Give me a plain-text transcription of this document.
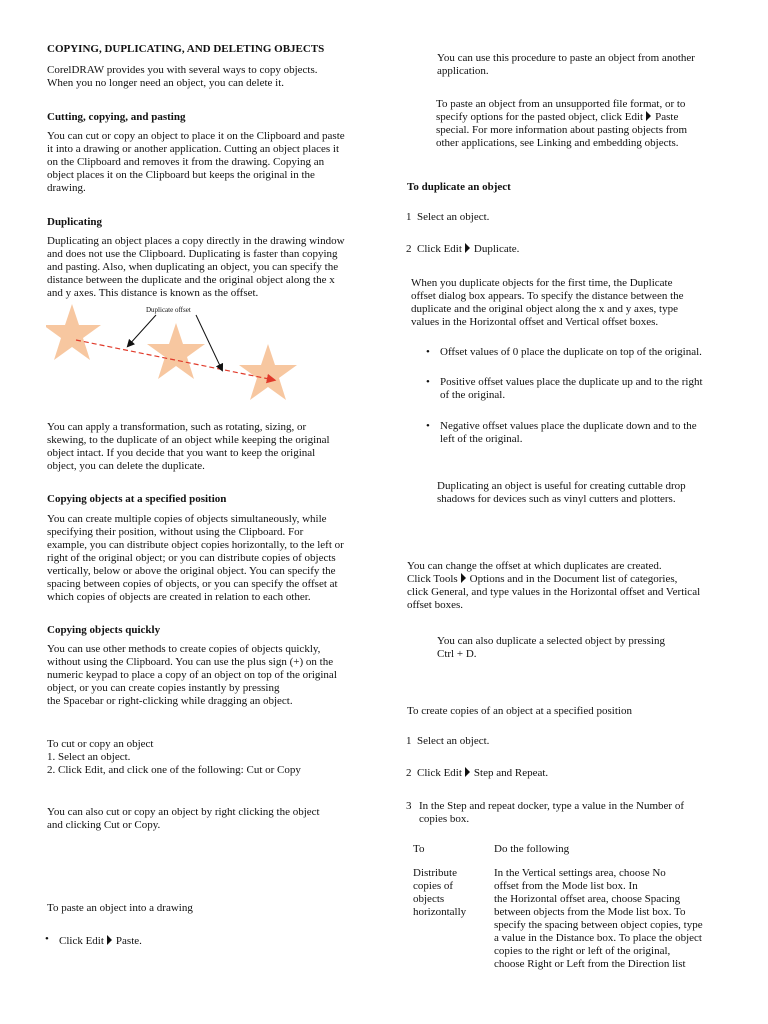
COPYING, DUPLICATING, AND DELETING OBJECTS
CorelDRAW provides you with several ways to copy objects.
When you no longer need an object, you can delete it.
Cutting, copying, and pasting
You can cut or copy an object to place it on the Clipboard and paste
it into a drawing or another application. Cutting an object places it
on the Clipboard and removes it from the drawing. Copying an
object places it on the Clipboard but keeps the original in the
drawing.
Duplicating
Duplicating an object places a copy directly in the drawing window
and does not use the Clipboard. Duplicating is faster than copying
and pasting. Also, when duplicating an object, you can specify the
distance between the duplicate and the original object along the x
and y axes. This distance is known as the offset.
Duplicate offset
You can apply a transformation, such as rotating, sizing, or
skewing, to the duplicate of an object while keeping the original
object intact. If you decide that you want to keep the original
object, you can delete the duplicate.
Copying objects at a specified position
You can create multiple copies of objects simultaneously, while
specifying their position, without using the Clipboard. For
example, you can distribute object copies horizontally, to the left or
right of the original object; or you can distribute copies of objects
vertically, below or above the original object. You can specify the
spacing between copies of objects, or you can specify the offset at
which copies of objects are created in relation to each other.
Copying objects quickly
You can use other methods to create copies of objects quickly,
without using the Clipboard. You can use the plus sign (+) on the
numeric keypad to place a copy of an object on top of the original
object, or you can create copies instantly by pressing
the Spacebar or right-clicking while dragging an object.
To cut or copy an object
1. Select an object.
2. Click Edit, and click one of the following: Cut or Copy
You can also cut or copy an object by right clicking the object
and clicking Cut or Copy.
To paste an object into a drawing
• Click Edit Paste.
You can use this procedure to paste an object from another
application.
To paste an object from an unsupported file format, or to
specify options for the pasted object, click Edit Paste
special. For more information about pasting objects from
other applications, see Linking and embedding objects.
To duplicate an object
1 Select an object.
2 Click Edit Duplicate.
When you duplicate objects for the first time, the Duplicate
offset dialog box appears. To specify the distance between the
duplicate and the original object along the x and y axes, type
values in the Horizontal offset and Vertical offset boxes.
• Offset values of 0 place the duplicate on top of the original.
• Positive offset values place the duplicate up and to the right
of the original.
• Negative offset values place the duplicate down and to the
left of the original.
Duplicating an object is useful for creating cuttable drop
shadows for devices such as vinyl cutters and plotters.
You can change the offset at which duplicates are created.
Click Tools Options and in the Document list of categories,
click General, and type values in the Horizontal offset and Vertical
offset boxes.
You can also duplicate a selected object by pressing
Ctrl + D.
To create copies of an object at a specified position
1 Select an object.
2 Click Edit Step and Repeat.
3 In the Step and repeat docker, type a value in the Number of
copies box.
To	Do the following
Distribute
copies of
objects
horizontally
In the Vertical settings area, choose No
offset from the Mode list box. In
the Horizontal offset area, choose Spacing
between objects from the Mode list box. To
specify the spacing between object copies, type
a value in the Distance box. To place the object
copies to the right or left of the original,
choose Right or Left from the Direction list
